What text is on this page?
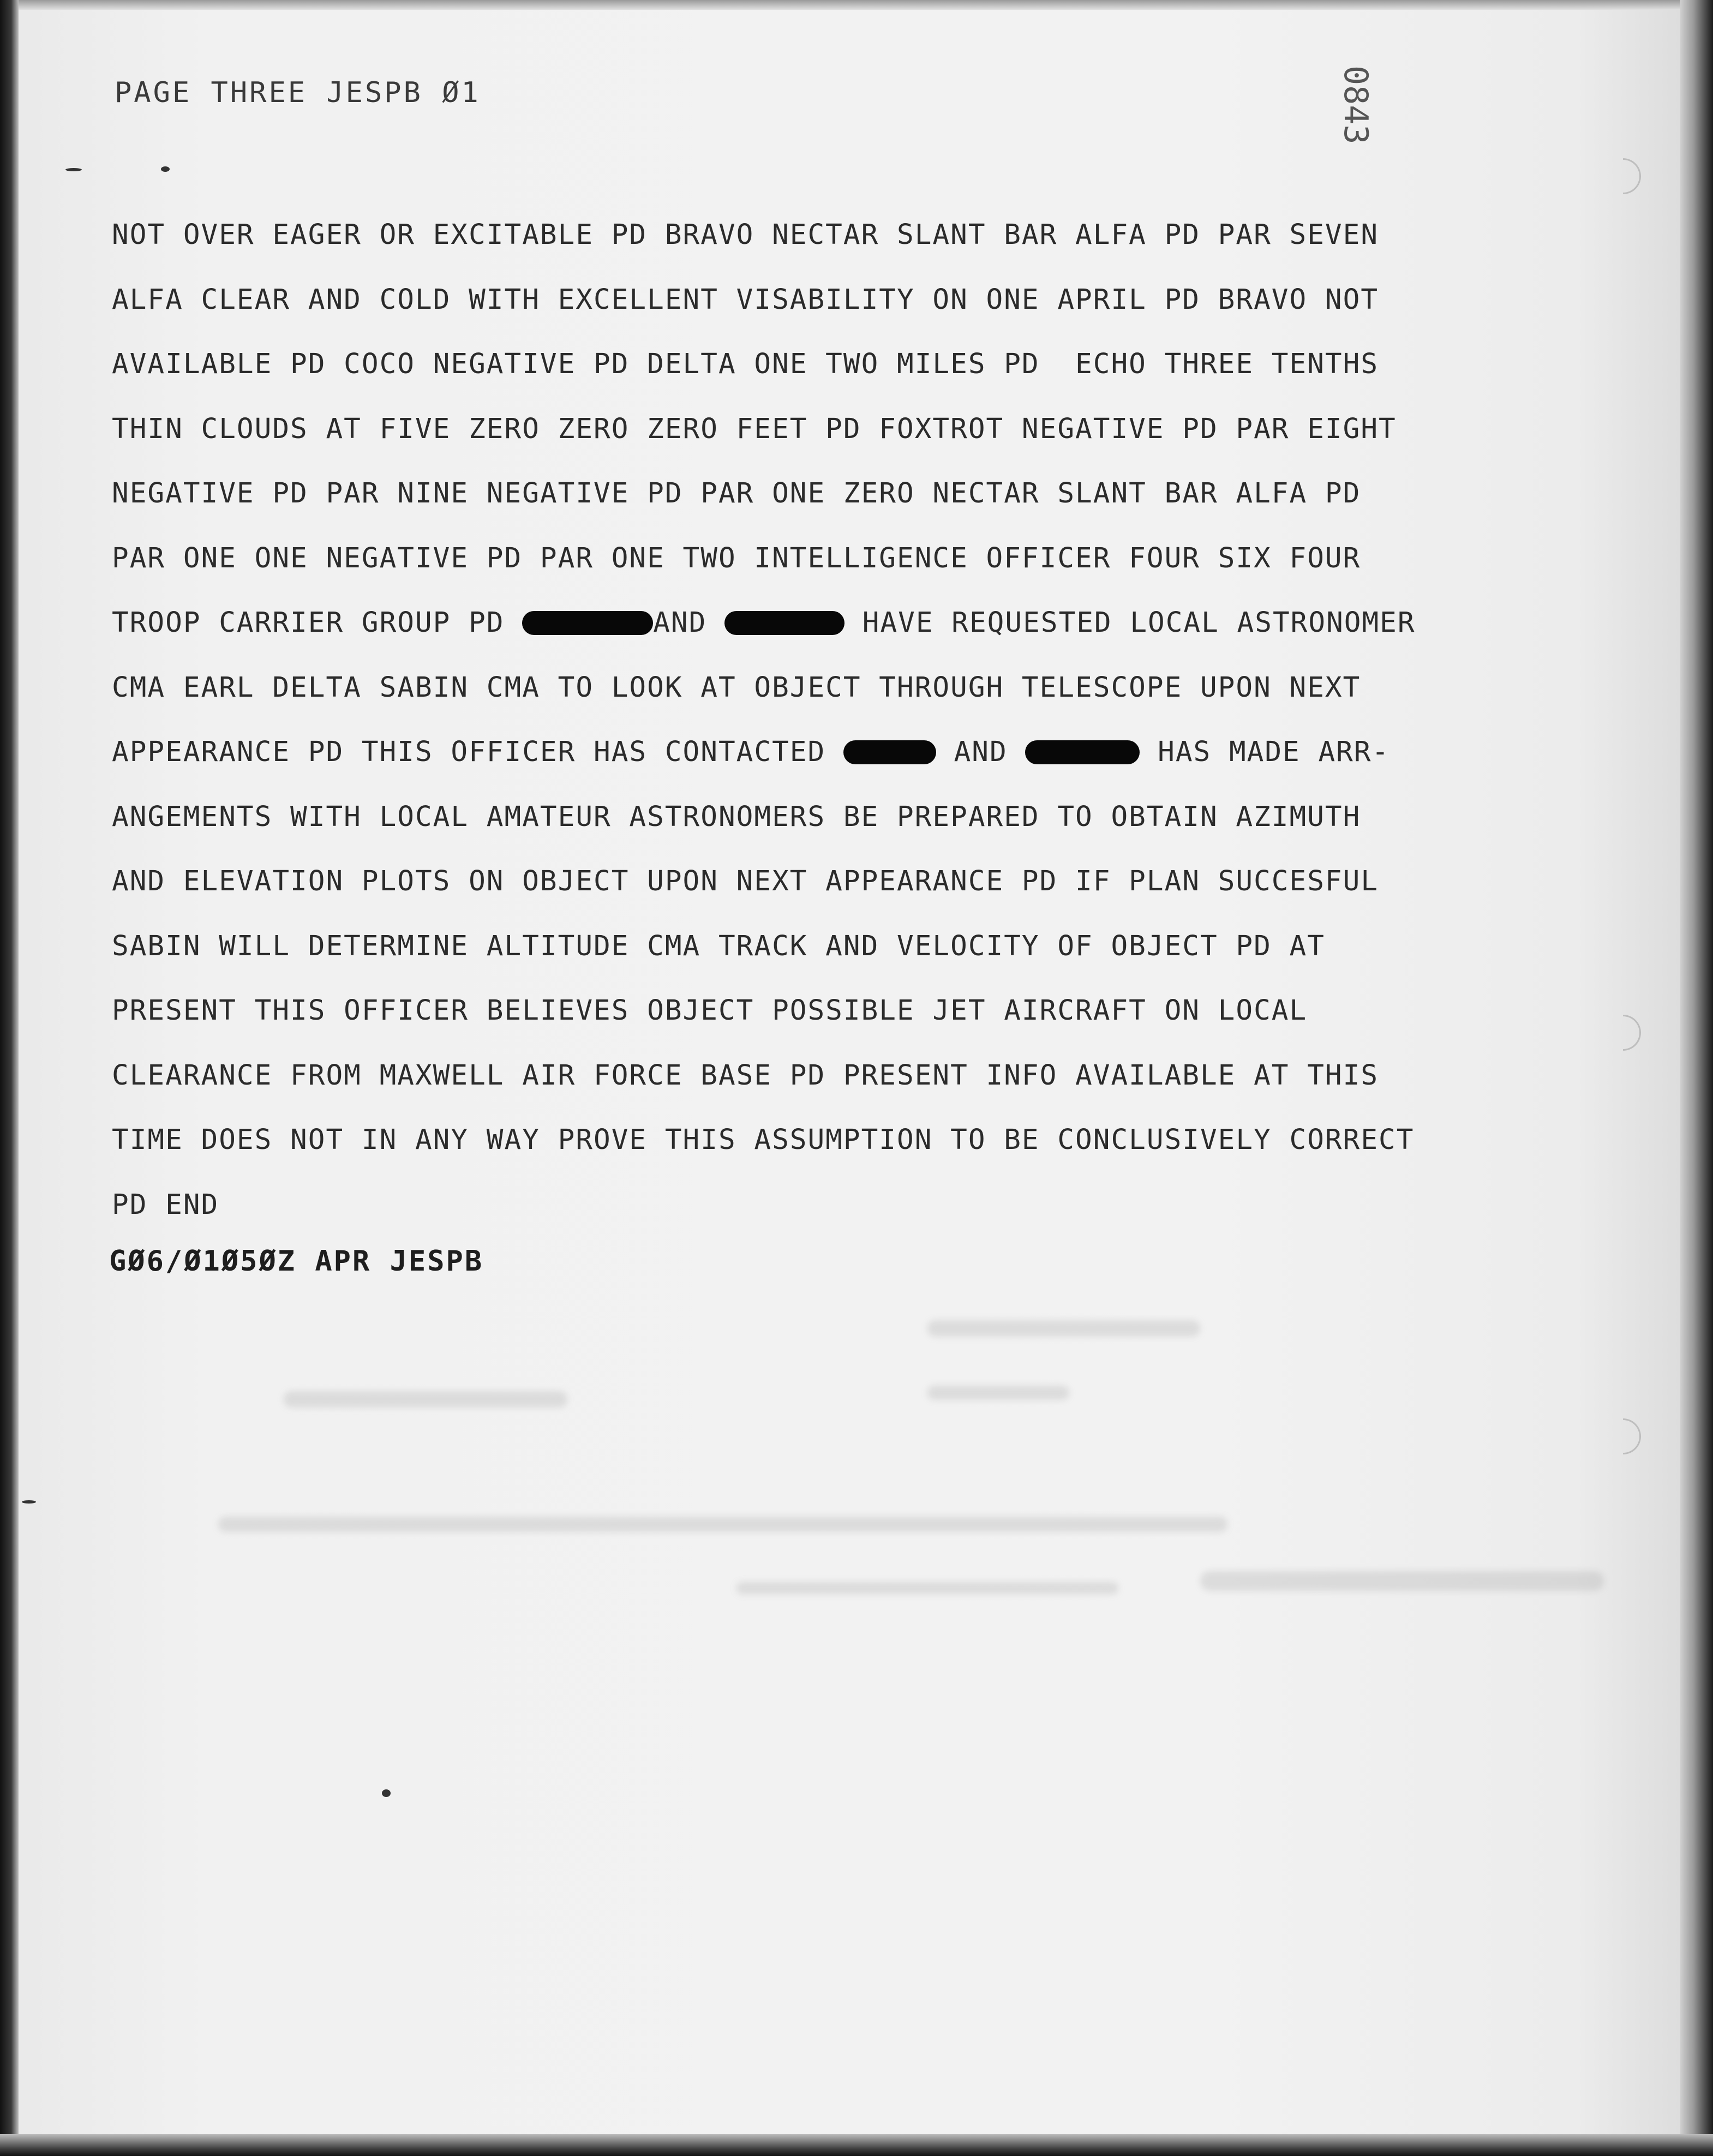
PAGE THREE JESPB Ø1	0843
NOT OVER EAGER OR EXCITABLE PD BRAVO NECTAR SLANT BAR ALFA PD PAR SEVEN
ALFA CLEAR AND COLD WITH EXCELLENT VISABILITY ON ONE APRIL PD BRAVO NOT
AVAILABLE PD COCO NEGATIVE PD DELTA ONE TWO MILES PD  ECHO THREE TENTHS
THIN CLOUDS AT FIVE ZERO ZERO ZERO FEET PD FOXTROT NEGATIVE PD PAR EIGHT
NEGATIVE PD PAR NINE NEGATIVE PD PAR ONE ZERO NECTAR SLANT BAR ALFA PD
PAR ONE ONE NEGATIVE PD PAR ONE TWO INTELLIGENCE OFFICER FOUR SIX FOUR
TROOP CARRIER GROUP PD	AND	HAVE REQUESTED LOCAL ASTRONOMER
CMA EARL DELTA SABIN CMA TO LOOK AT OBJECT THROUGH TELESCOPE UPON NEXT
APPEARANCE PD THIS OFFICER HAS CONTACTED	AND	HAS MADE ARR-
ANGEMENTS WITH LOCAL AMATEUR ASTRONOMERS BE PREPARED TO OBTAIN AZIMUTH
AND ELEVATION PLOTS ON OBJECT UPON NEXT APPEARANCE PD IF PLAN SUCCESFUL
SABIN WILL DETERMINE ALTITUDE CMA TRACK AND VELOCITY OF OBJECT PD AT
PRESENT THIS OFFICER BELIEVES OBJECT POSSIBLE JET AIRCRAFT ON LOCAL
CLEARANCE FROM MAXWELL AIR FORCE BASE PD PRESENT INFO AVAILABLE AT THIS
TIME DOES NOT IN ANY WAY PROVE THIS ASSUMPTION TO BE CONCLUSIVELY CORRECT
PD END
GØ6/Ø1Ø5ØZ APR JESPB
